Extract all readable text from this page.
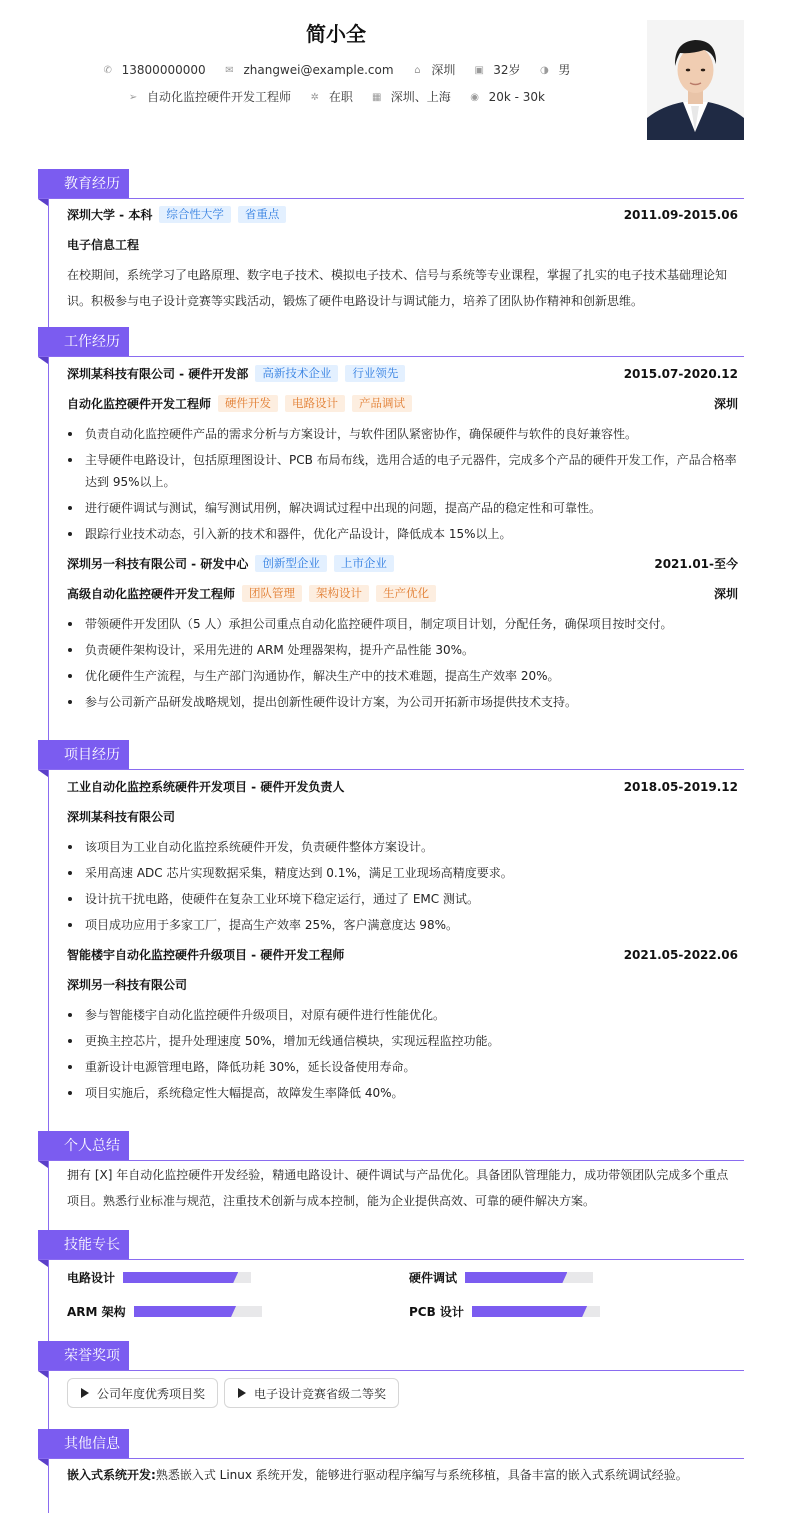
简小全
✆ 13800000000 ✉ zhangwei@example.com ⌂ 深圳 ▣ 32岁 ◑ 男
➢ 自动化监控硬件开发工程师 ✲ 在职 ▦ 深圳、上海 ◉ 20k - 30k
教育经历
深圳大学 - 本科 综合性大学 省重点	2011.09-2015.06
电子信息工程
在校期间，系统学习了电路原理、数字电子技术、模拟电子技术、信号与系统等专业课程，掌握了扎实的电子技术基础理论知
识。积极参与电子设计竞赛等实践活动，锻炼了硬件电路设计与调试能力，培养了团队协作精神和创新思维。
工作经历
深圳某科技有限公司 - 硬件开发部 高新技术企业 行业领先	2015.07-2020.12
自动化监控硬件开发工程师 硬件开发 电路设计 产品调试	深圳
负责自动化监控硬件产品的需求分析与方案设计，与软件团队紧密协作，确保硬件与软件的良好兼容性。
主导硬件电路设计，包括原理图设计、PCB 布局布线，选用合适的电子元器件，完成多个产品的硬件开发工作，产品合格率
达到 95%以上。
进行硬件调试与测试，编写测试用例，解决调试过程中出现的问题，提高产品的稳定性和可靠性。
跟踪行业技术动态，引入新的技术和器件，优化产品设计，降低成本 15%以上。
深圳另一科技有限公司 - 研发中心 创新型企业 上市企业	2021.01-至今
高级自动化监控硬件开发工程师 团队管理 架构设计 生产优化	深圳
带领硬件开发团队（5 人）承担公司重点自动化监控硬件项目，制定项目计划，分配任务，确保项目按时交付。
负责硬件架构设计，采用先进的 ARM 处理器架构，提升产品性能 30%。
优化硬件生产流程，与生产部门沟通协作，解决生产中的技术难题，提高生产效率 20%。
参与公司新产品研发战略规划，提出创新性硬件设计方案，为公司开拓新市场提供技术支持。
项目经历
工业自动化监控系统硬件开发项目 - 硬件开发负责人	2018.05-2019.12
深圳某科技有限公司
该项目为工业自动化监控系统硬件开发，负责硬件整体方案设计。
采用高速 ADC 芯片实现数据采集，精度达到 0.1%，满足工业现场高精度要求。
设计抗干扰电路，使硬件在复杂工业环境下稳定运行，通过了 EMC 测试。
项目成功应用于多家工厂，提高生产效率 25%，客户满意度达 98%。
智能楼宇自动化监控硬件升级项目 - 硬件开发工程师	2021.05-2022.06
深圳另一科技有限公司
参与智能楼宇自动化监控硬件升级项目，对原有硬件进行性能优化。
更换主控芯片，提升处理速度 50%，增加无线通信模块，实现远程监控功能。
重新设计电源管理电路，降低功耗 30%，延长设备使用寿命。
项目实施后，系统稳定性大幅提高，故障发生率降低 40%。
个人总结
拥有 [X] 年自动化监控硬件开发经验，精通电路设计、硬件调试与产品优化。具备团队管理能力，成功带领团队完成多个重点
项目。熟悉行业标准与规范，注重技术创新与成本控制，能为企业提供高效、可靠的硬件解决方案。
技能专长
电路设计	硬件调试
ARM 架构	PCB 设计
荣誉奖项
公司年度优秀项目奖	电子设计竞赛省级二等奖
其他信息
嵌入式系统开发:熟悉嵌入式 Linux 系统开发，能够进行驱动程序编写与系统移植，具备丰富的嵌入式系统调试经验。
